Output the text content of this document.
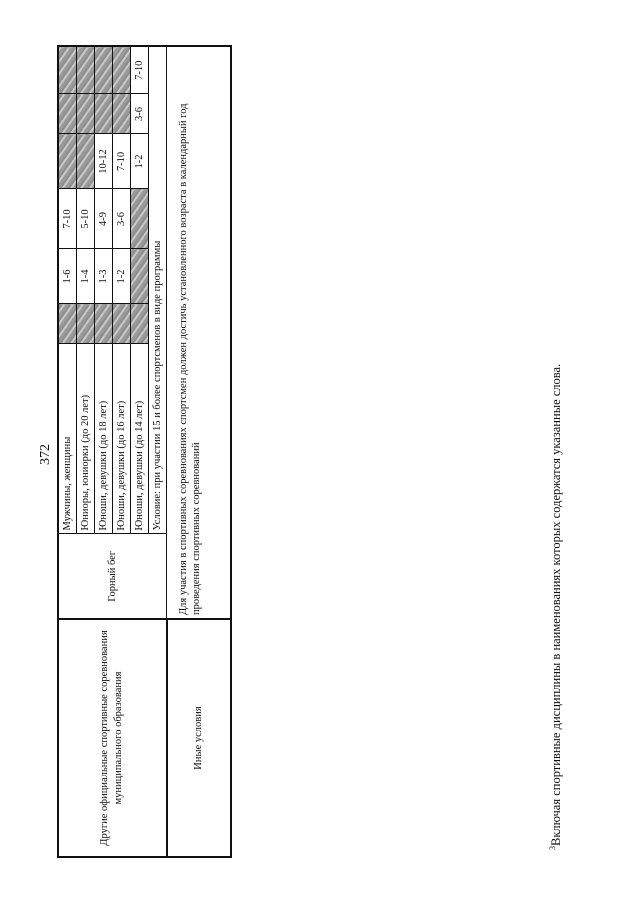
372
Другие официальные спортивные соревнования муниципального образования	Горный бег	Мужчины, женщины		1-6	7-10			
		Юниоры, юниорки (до 20 лет)		1-4	5-10			
		Юноши, девушки (до 18 лет)		1-3	4-9	10-12		
		Юноши, девушки (до 16 лет)		1-2	3-6	7-10		
		Юноши, девушки (до 14 лет)				1-2	3-6	7-10
		Условие: при участии 15 и более спортсменов в виде программы						
Иные условия	Для участия в спортивных соревнованиях спортсмен должен достичь установленного возраста в календарный год проведения спортивных соревнований							
$^3$Включая спортивные дисциплины в наименованиях которых содержатся указанные слова.
